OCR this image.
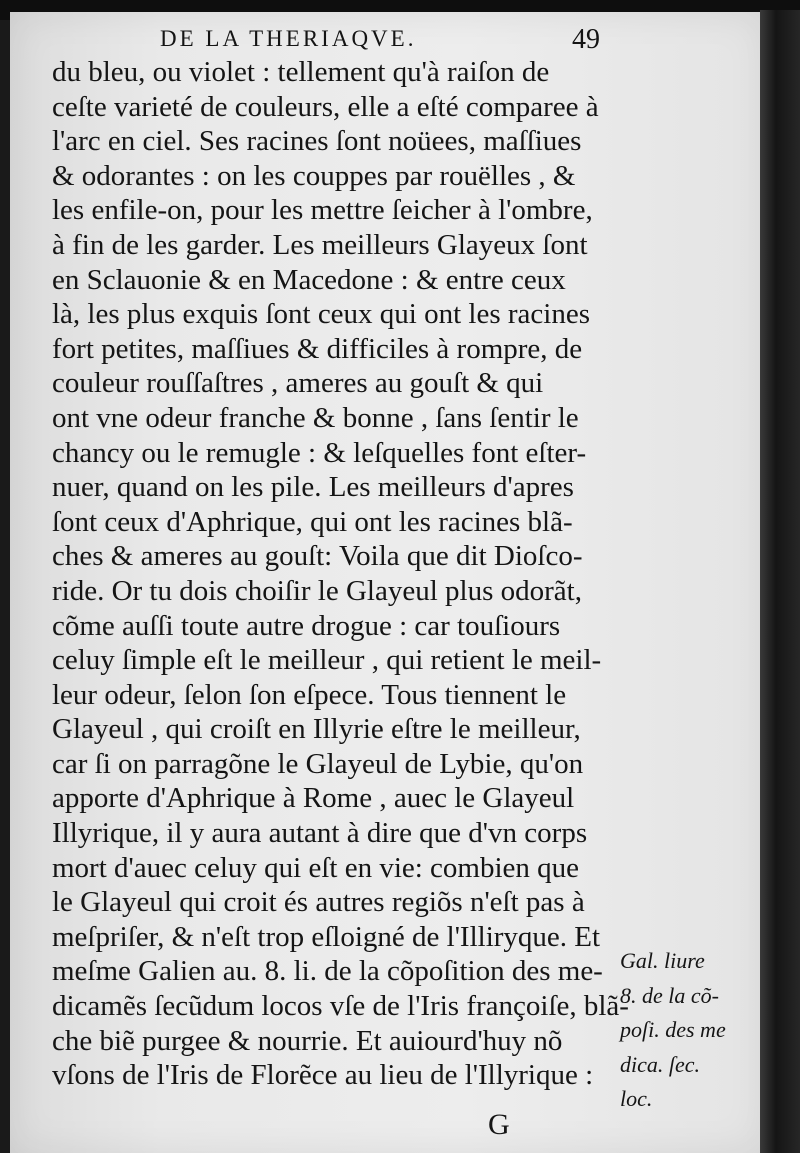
DE LA THERIAQVE.	49
du bleu, ou violet : tellement qu'à raiſon de
ceſte varieté de couleurs, elle a eſté comparee à
l'arc en ciel. Ses racines ſont noüees, maſſiues
& odorantes : on les couppes par rouëlles , &
les enfile-on, pour les mettre ſeicher à l'ombre,
à fin de les garder. Les meilleurs Glayeux ſont
en Sclauonie & en Macedone : & entre ceux
là, les plus exquis ſont ceux qui ont les racines
fort petites, maſſiues & difficiles à rompre, de
couleur rouſſaſtres , ameres au gouſt & qui
ont vne odeur franche & bonne , ſans ſentir le
chancy ou le remugle : & leſquelles font eſter-
nuer, quand on les pile. Les meilleurs d'apres
ſont ceux d'Aphrique, qui ont les racines blã-
ches & ameres au gouſt: Voila que dit Dioſco-
ride. Or tu dois choiſir le Glayeul plus odorãt,
cõme auſſi toute autre drogue : car touſiours
celuy ſimple eſt le meilleur , qui retient le meil-
leur odeur, ſelon ſon eſpece. Tous tiennent le
Glayeul , qui croiſt en Illyrie eſtre le meilleur,
car ſi on parragõne le Glayeul de Lybie, qu'on
apporte d'Aphrique à Rome , auec le Glayeul
Illyrique, il y aura autant à dire que d'vn corps
mort d'auec celuy qui eſt en vie: combien que
le Glayeul qui croit és autres regiõs n'eſt pas à
meſpriſer, & n'eſt trop eſloigné de l'Illiryque. Et
meſme Galien au. 8. li. de la cõpoſition des me-
dicamẽs ſecũdum locos vſe de l'Iris françoiſe, blã-
che biẽ purgee & nourrie. Et auiourd'huy nõ
vſons de l'Iris de Florẽce au lieu de l'Illyrique :
Gal. liure
8. de la cõ-
poſi. des me
dica. ſec.
loc.
G
